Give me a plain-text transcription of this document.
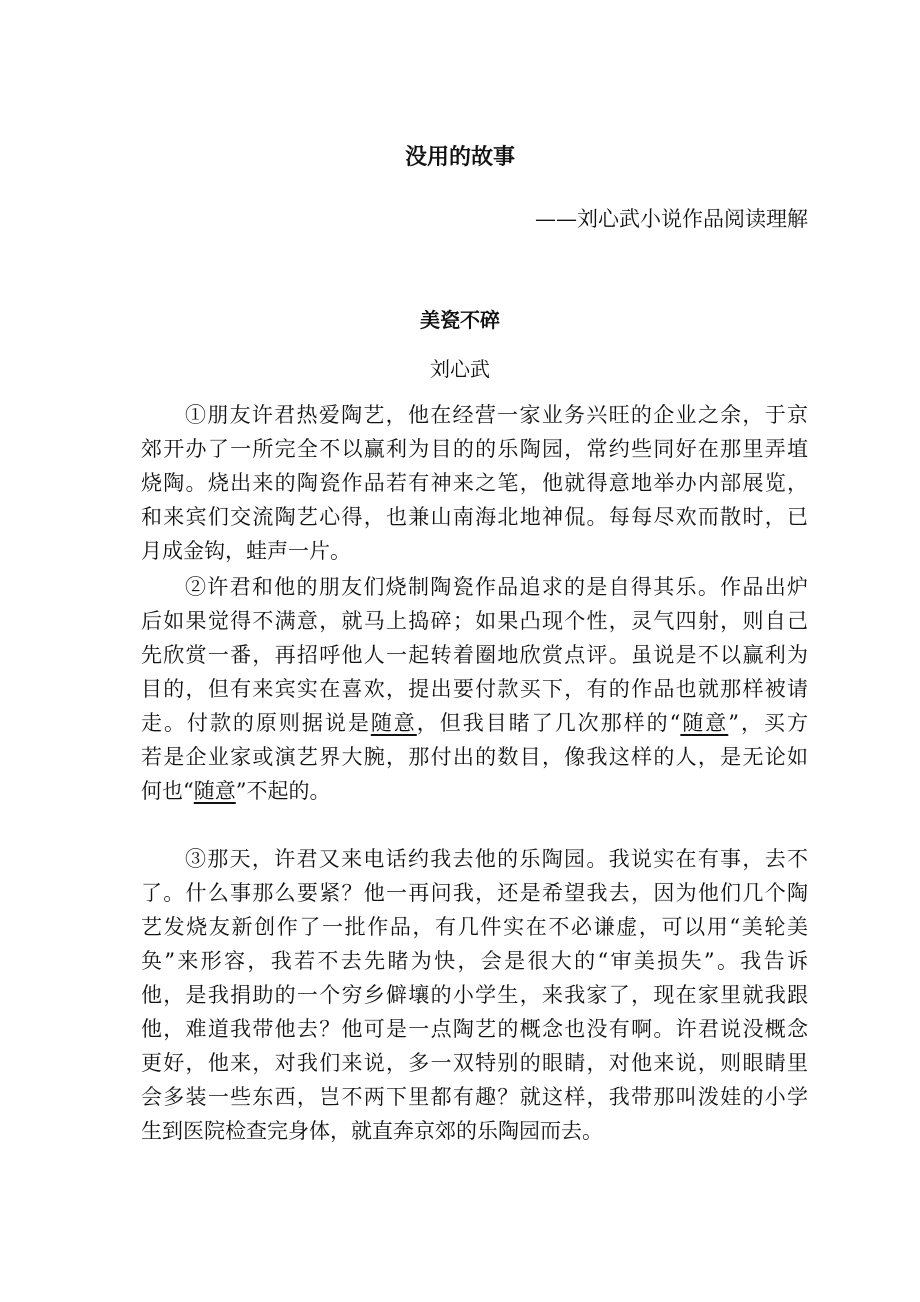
没用的故事
——刘心武小说作品阅读理解
美瓷不碎
刘心武
①朋友许君热爱陶艺，他在经营一家业务兴旺的企业之余，于京
郊开办了一所完全不以赢利为目的的乐陶园，常约些同好在那里弄埴
烧陶。烧出来的陶瓷作品若有神来之笔，他就得意地举办内部展览，
和来宾们交流陶艺心得，也兼山南海北地神侃。每每尽欢而散时，已
月成金钩，蛙声一片。
②许君和他的朋友们烧制陶瓷作品追求的是自得其乐。作品出炉
后如果觉得不满意，就马上捣碎；如果凸现个性，灵气四射，则自己
先欣赏一番，再招呼他人一起转着圈地欣赏点评。虽说是不以赢利为
目的，但有来宾实在喜欢，提出要付款买下，有的作品也就那样被请
走。付款的原则据说是随意，但我目睹了几次那样的“随意”，买方
若是企业家或演艺界大腕，那付出的数目，像我这样的人，是无论如
何也“随意”不起的。
③那天，许君又来电话约我去他的乐陶园。我说实在有事，去不
了。什么事那么要紧？他一再问我，还是希望我去，因为他们几个陶
艺发烧友新创作了一批作品，有几件实在不必谦虚，可以用“美轮美
奂”来形容，我若不去先睹为快，会是很大的“审美损失”。我告诉
他，是我捐助的一个穷乡僻壤的小学生，来我家了，现在家里就我跟
他，难道我带他去？他可是一点陶艺的概念也没有啊。许君说没概念
更好，他来，对我们来说，多一双特别的眼睛，对他来说，则眼睛里
会多装一些东西，岂不两下里都有趣？就这样，我带那叫泼娃的小学
生到医院检查完身体，就直奔京郊的乐陶园而去。
